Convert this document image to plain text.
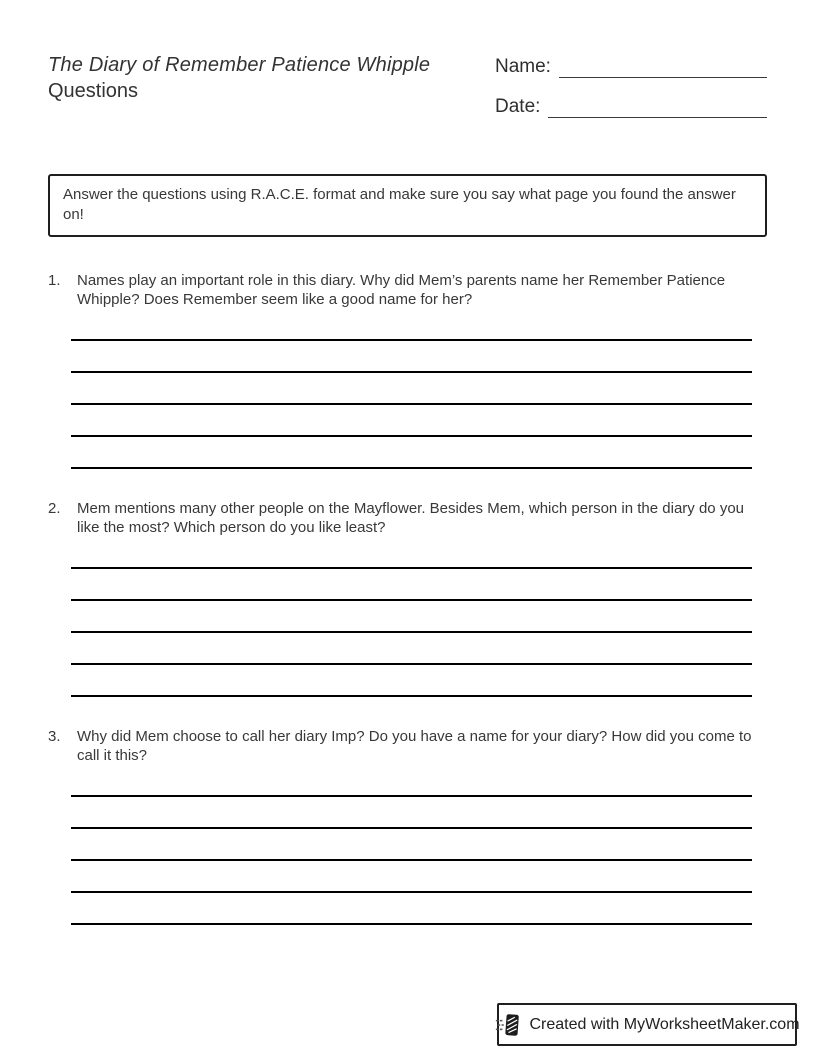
The Diary of Remember Patience Whipple
Questions
Name:
Date:
Answer the questions using R.A.C.E. format and make sure you say what page you found the answer on!
1.	Names play an important role in this diary. Why did Mem’s parents name her Remember Patience Whipple? Does Remember seem like a good name for her?
2.	Mem mentions many other people on the Mayflower. Besides Mem, which person in the diary do you like the most? Which person do you like least?
3.	Why did Mem choose to call her diary Imp? Do you have a name for your diary? How did you come to call it this?
Created with MyWorksheetMaker.com
